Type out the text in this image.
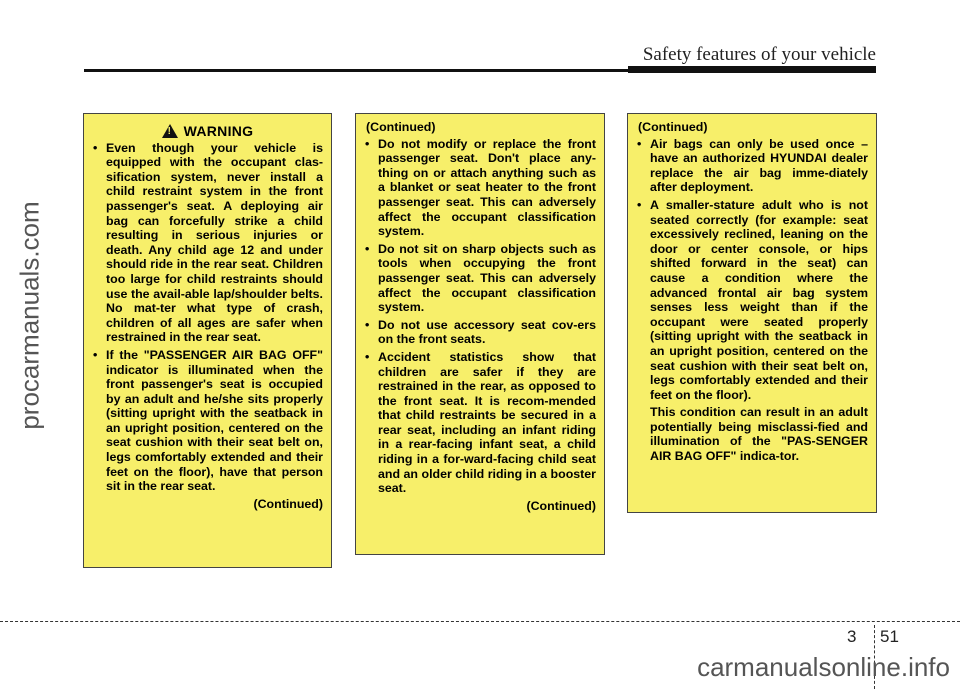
Safety features of your vehicle
procarmanuals.com
!WARNING
• Even though your vehicle is equipped with the occupant clas-sification system, never install a child restraint system in the front passenger's seat. A deploying air bag can forcefully strike a child resulting in serious injuries or death. Any child age 12 and under should ride in the rear seat. Children too large for child restraints should use the avail-able lap/shoulder belts. No mat-ter what type of crash, children of all ages are safer when restrained in the rear seat.
• If the "PASSENGER AIR BAG OFF" indicator is illuminated when the front passenger's seat is occupied by an adult and he/she sits properly (sitting upright with the seatback in an upright position, centered on the seat cushion with their seat belt on, legs comfortably extended and their feet on the floor), have that person sit in the rear seat.
(Continued)
(Continued)
• Do not modify or replace the front passenger seat. Don't place any-thing on or attach anything such as a blanket or seat heater to the front passenger seat. This can adversely affect the occupant classification system.
• Do not sit on sharp objects such as tools when occupying the front passenger seat. This can adversely affect the occupant classification system.
• Do not use accessory seat cov-ers on the front seats.
• Accident statistics show that children are safer if they are restrained in the rear, as opposed to the front seat. It is recom-mended that child restraints be secured in a rear seat, including an infant riding in a rear-facing infant seat, a child riding in a for-ward-facing child seat and an older child riding in a booster seat.
(Continued)
(Continued)
• Air bags can only be used once – have an authorized HYUNDAI dealer replace the air bag imme-diately after deployment.
• A smaller-stature adult who is not seated correctly (for example: seat excessively reclined, leaning on the door or center console, or hips shifted forward in the seat) can cause a condition where the advanced frontal air bag system senses less weight than if the occupant were seated properly (sitting upright with the seatback in an upright position, centered on the seat cushion with their seat belt on, legs comfortably extended and their feet on the floor).
This condition can result in an adult potentially being misclassi-fied and illumination of the "PAS-SENGER AIR BAG OFF" indica-tor.
3 51
carmanualsonline.info
